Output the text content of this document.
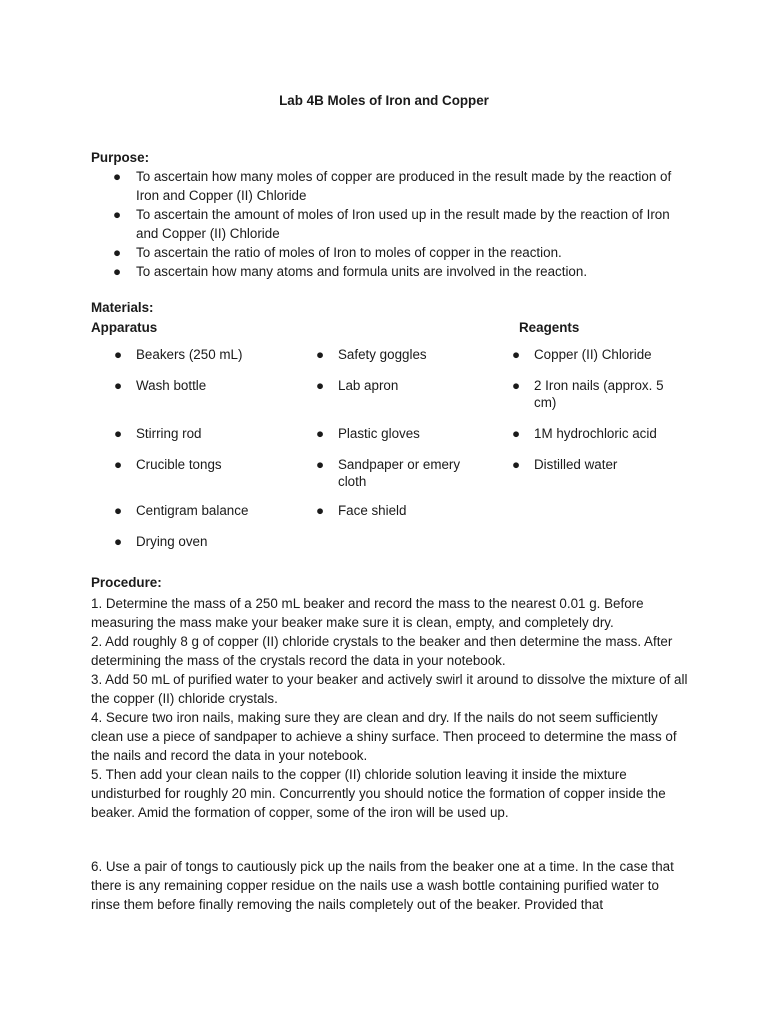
Lab 4B Moles of Iron and Copper
Purpose:
● To ascertain how many moles of copper are produced in the result made by the reaction of Iron and Copper (II) Chloride
● To ascertain the amount of moles of Iron used up in the result made by the reaction of Iron and Copper (II) Chloride
● To ascertain the ratio of moles of Iron to moles of copper in the reaction.
● To ascertain how many atoms and formula units are involved in the reaction.
Materials:
Apparatus	Reagents
● Beakers (250 mL)
● Wash bottle
● Stirring rod
● Crucible tongs
● Centigram balance
● Drying oven
● Safety goggles
● Lab apron
● Plastic gloves
● Sandpaper or emery cloth
● Face shield
● Copper (II) Chloride
● 2 Iron nails (approx. 5 cm)
● 1M hydrochloric acid
● Distilled water
Procedure:

1. Determine the mass of a 250 mL beaker and record the mass to the nearest 0.01 g. Before measuring the mass make your beaker make sure it is clean, empty, and completely dry.

2. Add roughly 8 g of copper (II) chloride crystals to the beaker and then determine the mass. After determining the mass of the crystals record the data in your notebook.

3. Add 50 mL of purified water to your beaker and actively swirl it around to dissolve the mixture of all the copper (II) chloride crystals.

4. Secure two iron nails, making sure they are clean and dry. If the nails do not seem sufficiently clean use a piece of sandpaper to achieve a shiny surface. Then proceed to determine the mass of the nails and record the data in your notebook.

5. Then add your clean nails to the copper (II) chloride solution leaving it inside the mixture undisturbed for roughly 20 min. Concurrently you should notice the formation of copper inside the beaker. Amid the formation of copper, some of the iron will be used up.

6. Use a pair of tongs to cautiously pick up the nails from the beaker one at a time. In the case that there is any remaining copper residue on the nails use a wash bottle containing purified water to rinse them before finally removing the nails completely out of the beaker. Provided that
